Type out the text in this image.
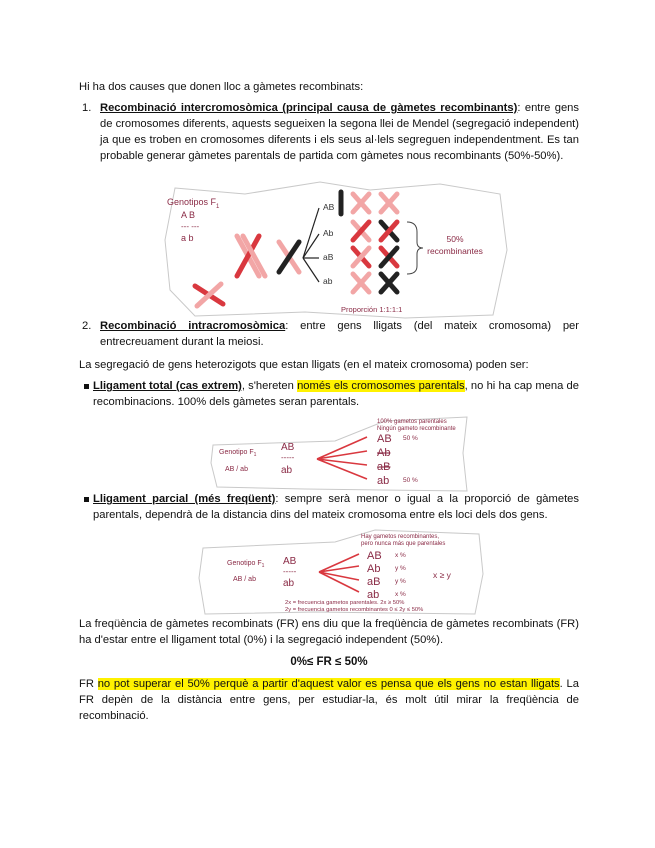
Hi ha dos causes que donen lloc a gàmetes recombinats:
1. Recombinació intercromosòmica (principal causa de gàmetes recombinants): entre gens de cromosomes diferents, aquests segueixen la segona llei de Mendel (segregació independent) ja que es troben en cromosomes diferents i els seus al·lels segreguen independentment. Es tan probable generar gàmetes parentals de partida com gàmetes nous recombinants (50%-50%).
Genotipos $F_1$
A B
--- ---
a b
AB
Ab
aB
ab
50%
recombinantes
Proporción 1:1:1:1
2. Recombinació intracromosòmica: entre gens lligats (del mateix cromosoma) per entrecreuament durant la meiosi.
La segregació de gens heterozigots que estan lligats (en el mateix cromosoma) poden ser:
Lligament total (cas extrem), s'hereten només els cromosomes parentals, no hi ha cap mena de recombinacions. 100% dels gàmetes seran parentals.
100% gametos parentales
Ningún gameto recombinante
Genotipo $F_1$
AB / ab
AB
-----
ab
AB
Ab
aB
ab
50 %
50 %
Lligament parcial (més freqüent): sempre serà menor o igual a la proporció de gàmetes parentals, dependrà de la distancia dins del mateix cromosoma entre els loci dels dos gens.
Hay gametos recombinantes,
pero nunca más que parentales
Genotipo $F_1$
AB / ab
AB
-----
ab
AB
Ab
aB
ab
x %
y %
y %
x %
x ≥ y
2x = frecuencia gametos parentales. 2x ≥ 50%
2y = frecuencia gametos recombinantes 0 ≤ 2y ≤ 50%
La freqüència de gàmetes recombinats (FR) ens diu que la freqüència de gàmetes recombinats (FR) ha d'estar entre el lligament total (0%) i la segregació independent (50%).
0%≤ FR ≤ 50%
FR no pot superar el 50% perquè a partir d'aquest valor es pensa que els gens no estan lligats. La FR depèn de la distància entre gens, per estudiar-la, és molt útil mirar la freqüència de recombinació.
